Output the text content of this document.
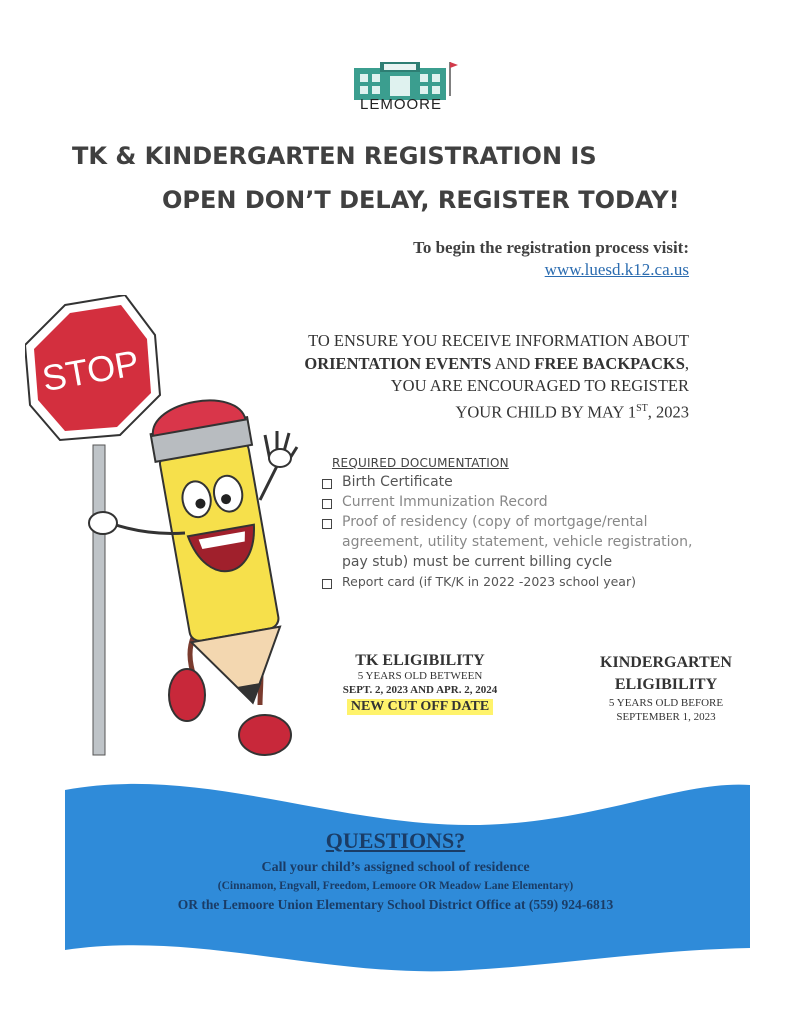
LEMOORE
TK & KINDERGARTEN REGISTRATION IS
OPEN DON’T DELAY, REGISTER TODAY!
To begin the registration process visit:
www.luesd.k12.ca.us
TO ENSURE YOU RECEIVE INFORMATION ABOUT
ORIENTATION EVENTS AND FREE BACKPACKS,
YOU ARE ENCOURAGED TO REGISTER
YOUR CHILD BY MAY 1ST, 2023
REQUIRED DOCUMENTATION
Birth Certificate
Current Immunization Record
Proof of residency (copy of mortgage/rental
agreement, utility statement, vehicle registration,
pay stub) must be current billing cycle
Report card (if TK/K in 2022 -2023 school year)
TK ELIGIBILITY
5 YEARS OLD BETWEEN
SEPT. 2, 2023 AND APR. 2, 2024
NEW CUT OFF DATE
KINDERGARTEN
ELIGIBILITY
5 YEARS OLD BEFORE
SEPTEMBER 1, 2023
STOP
QUESTIONS?
Call your child’s assigned school of residence
(Cinnamon, Engvall, Freedom, Lemoore OR Meadow Lane Elementary)
OR the Lemoore Union Elementary School District Office at (559) 924-6813
